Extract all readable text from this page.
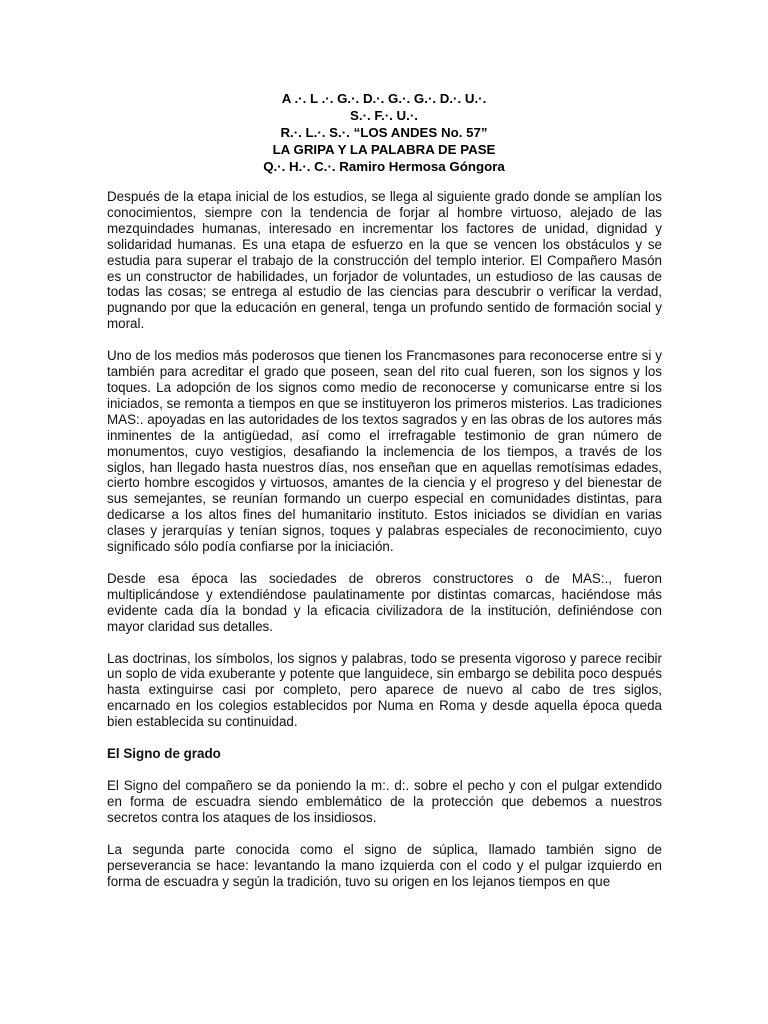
A .·. L .·. G.·. D.·. G.·. G.·. D.·. U.·.
S.·. F.·. U.·.
R.·. L.·. S.·. “LOS ANDES No. 57”
LA GRIPA Y LA PALABRA DE PASE
Q.·. H.·. C.·. Ramiro Hermosa Góngora

Después de la etapa inicial de los estudios, se llega al siguiente grado donde se amplían los conocimientos, siempre con la tendencia de forjar al hombre virtuoso, alejado de las mezquindades humanas, interesado en incrementar los factores de unidad, dignidad y solidaridad humanas. Es una etapa de esfuerzo en la que se vencen los obstáculos y se estudia para superar el trabajo de la construcción del templo interior. El Compañero Masón es un constructor de habilidades, un forjador de voluntades, un estudioso de las causas de todas las cosas; se entrega al estudio de las ciencias para descubrir o verificar la verdad, pugnando por que la educación en general, tenga un profundo sentido de formación social y moral.

Uno de los medios más poderosos que tienen los Francmasones para reconocerse entre si y también para acreditar el grado que poseen, sean del rito cual fueren, son los signos y los toques. La adopción de los signos como medio de reconocerse y comunicarse entre si los iniciados, se remonta a tiempos en que se instituyeron los primeros misterios. Las tradiciones MAS:. apoyadas en las autoridades de los textos sagrados y en las obras de los autores más inminentes de la antigüedad, así como el irrefragable testimonio de gran número de monumentos, cuyo vestigios, desafiando la inclemencia de los tiempos, a través de los siglos, han llegado hasta nuestros días, nos enseñan que en aquellas remotísimas edades, cierto hombre escogidos y virtuosos, amantes de la ciencia y el progreso y del bienestar de sus semejantes, se reunían formando un cuerpo especial en comunidades distintas, para dedicarse a los altos fines del humanitario instituto. Estos iniciados se dividían en varias clases y jerarquías y tenían signos, toques y palabras especiales de reconocimiento, cuyo significado sólo podía confiarse por la iniciación.

Desde esa época las sociedades de obreros constructores o de MAS:., fueron multiplicándose y extendiéndose paulatinamente por distintas comarcas, haciéndose más evidente cada día la bondad y la eficacia civilizadora de la institución, definiéndose con mayor claridad sus detalles.

Las doctrinas, los símbolos, los signos y palabras, todo se presenta vigoroso y parece recibir un soplo de vida exuberante y potente que languidece, sin embargo se debilita poco después hasta extinguirse casi por completo, pero aparece de nuevo al cabo de tres siglos, encarnado en los colegios establecidos por Numa en Roma y desde aquella época queda bien establecida su continuidad.

El Signo de grado

El Signo del compañero se da poniendo la m:. d:. sobre el pecho y con el pulgar extendido en forma de escuadra siendo emblemático de la protección que debemos a nuestros secretos contra los ataques de los insidiosos.

La segunda parte conocida como el signo de súplica, llamado también signo de perseverancia se hace: levantando la mano izquierda con el codo y el pulgar izquierdo en forma de escuadra y según la tradición, tuvo su origen en los lejanos tiempos en que
